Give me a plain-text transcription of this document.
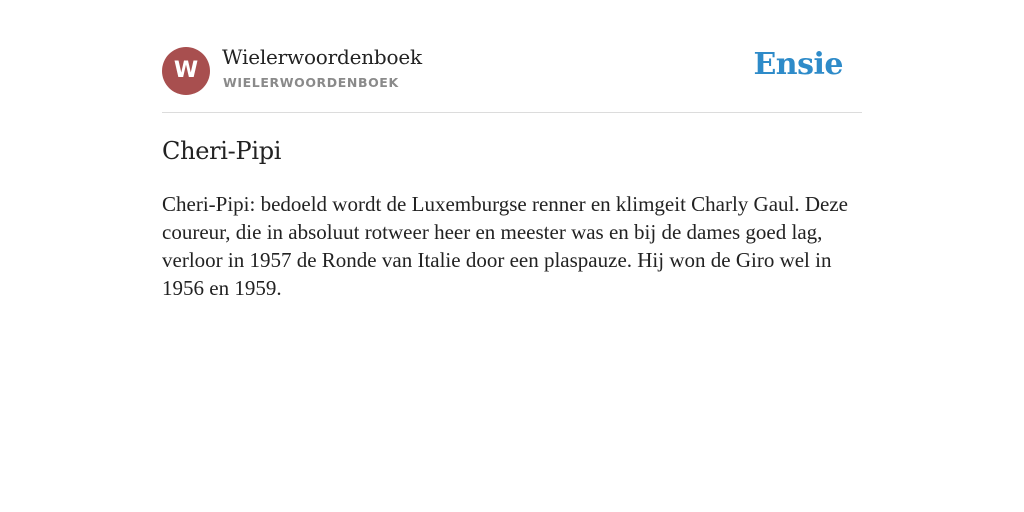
W
Wielerwoordenboek
WIELERWOORDENBOEK
Ensie
Cheri-Pipi

Cheri-Pipi: bedoeld wordt de Luxemburgse renner en klimgeit Charly Gaul. Deze coureur, die in absoluut rotweer heer en meester was en bij de dames goed lag, verloor in 1957 de Ronde van Italie door een plaspauze. Hij won de Giro wel in 1956 en 1959.
